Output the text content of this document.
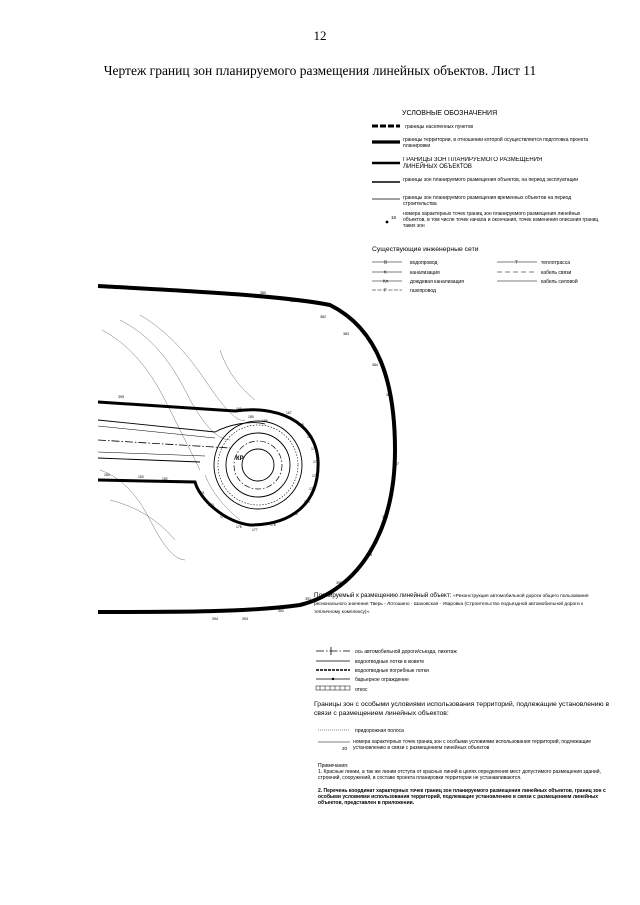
12
Чертеж границ зон планируемого размещения линейных объектов. Лист 11
УСЛОВНЫЕ ОБОЗНАЧЕНИЯ
границы населенных пунктов
границы территории, в отношении которой осуществляется подготовка проекта планировки
ГРАНИЦЫ ЗОН ПЛАНИРУЕМОГО РАЗМЕЩЕНИЯ ЛИНЕЙНЫХ ОБЪЕКТОВ
границы зон планируемого размещения объектов, на период эксплуатации
границы зон планируемого размещения временных объектов на период строительства
16
номера характерных точек границ зон планируемого размещения линейных объектов, в том числе точек начала и окончания, точек изменения описания границ таких зон
Существующие инженерные сети
В	водопровод
К	канализация
Кл	дождевая канализация
Г	газопровод
Т	теплотрасса
кабель связи
кабель силовой
КР
380
381
382
383
384
385
387
388
389
390
391
392
393
394
395
166
167
168
169
170
171
172
173
174
175
176
177
178
179
180
181
182
183
184
185
186
Планируемый к размещению линейный объект: «Реконструкция автомобильной дороги общего пользования регионального значения Тверь - Лотошино - Шаховская - Уваровка (Строительство подъездной автомобильной дороги к тепличному комплексу)».
ось автомобильной дороги/съезда, пикетаж
водоотводные лотки в кювете
водоотводные погребные лотки
барьерное ограждение
откос
Границы зон с особыми условиями использования территорий, подлежащие установлению в связи с размещением линейных объектов:
придорожная полоса
20
номера характерных точек границ зон с особыми условиями использования территорий, подлежащие установлению в связи с размещением линейных объектов
Примечания:
1. Красные линии, а так же линии отступа от красных линий в целях определения мест допустимого размещения зданий, строений, сооружений, в составе проекта планировки территории не устанавливаются.
2. Перечень координат характерных точек границ зон планируемого размещения линейных объектов, границ зон с особыми условиями использования территорий, подлежащие установлению в связи с размещением линейных объектов, представлен в приложении.
